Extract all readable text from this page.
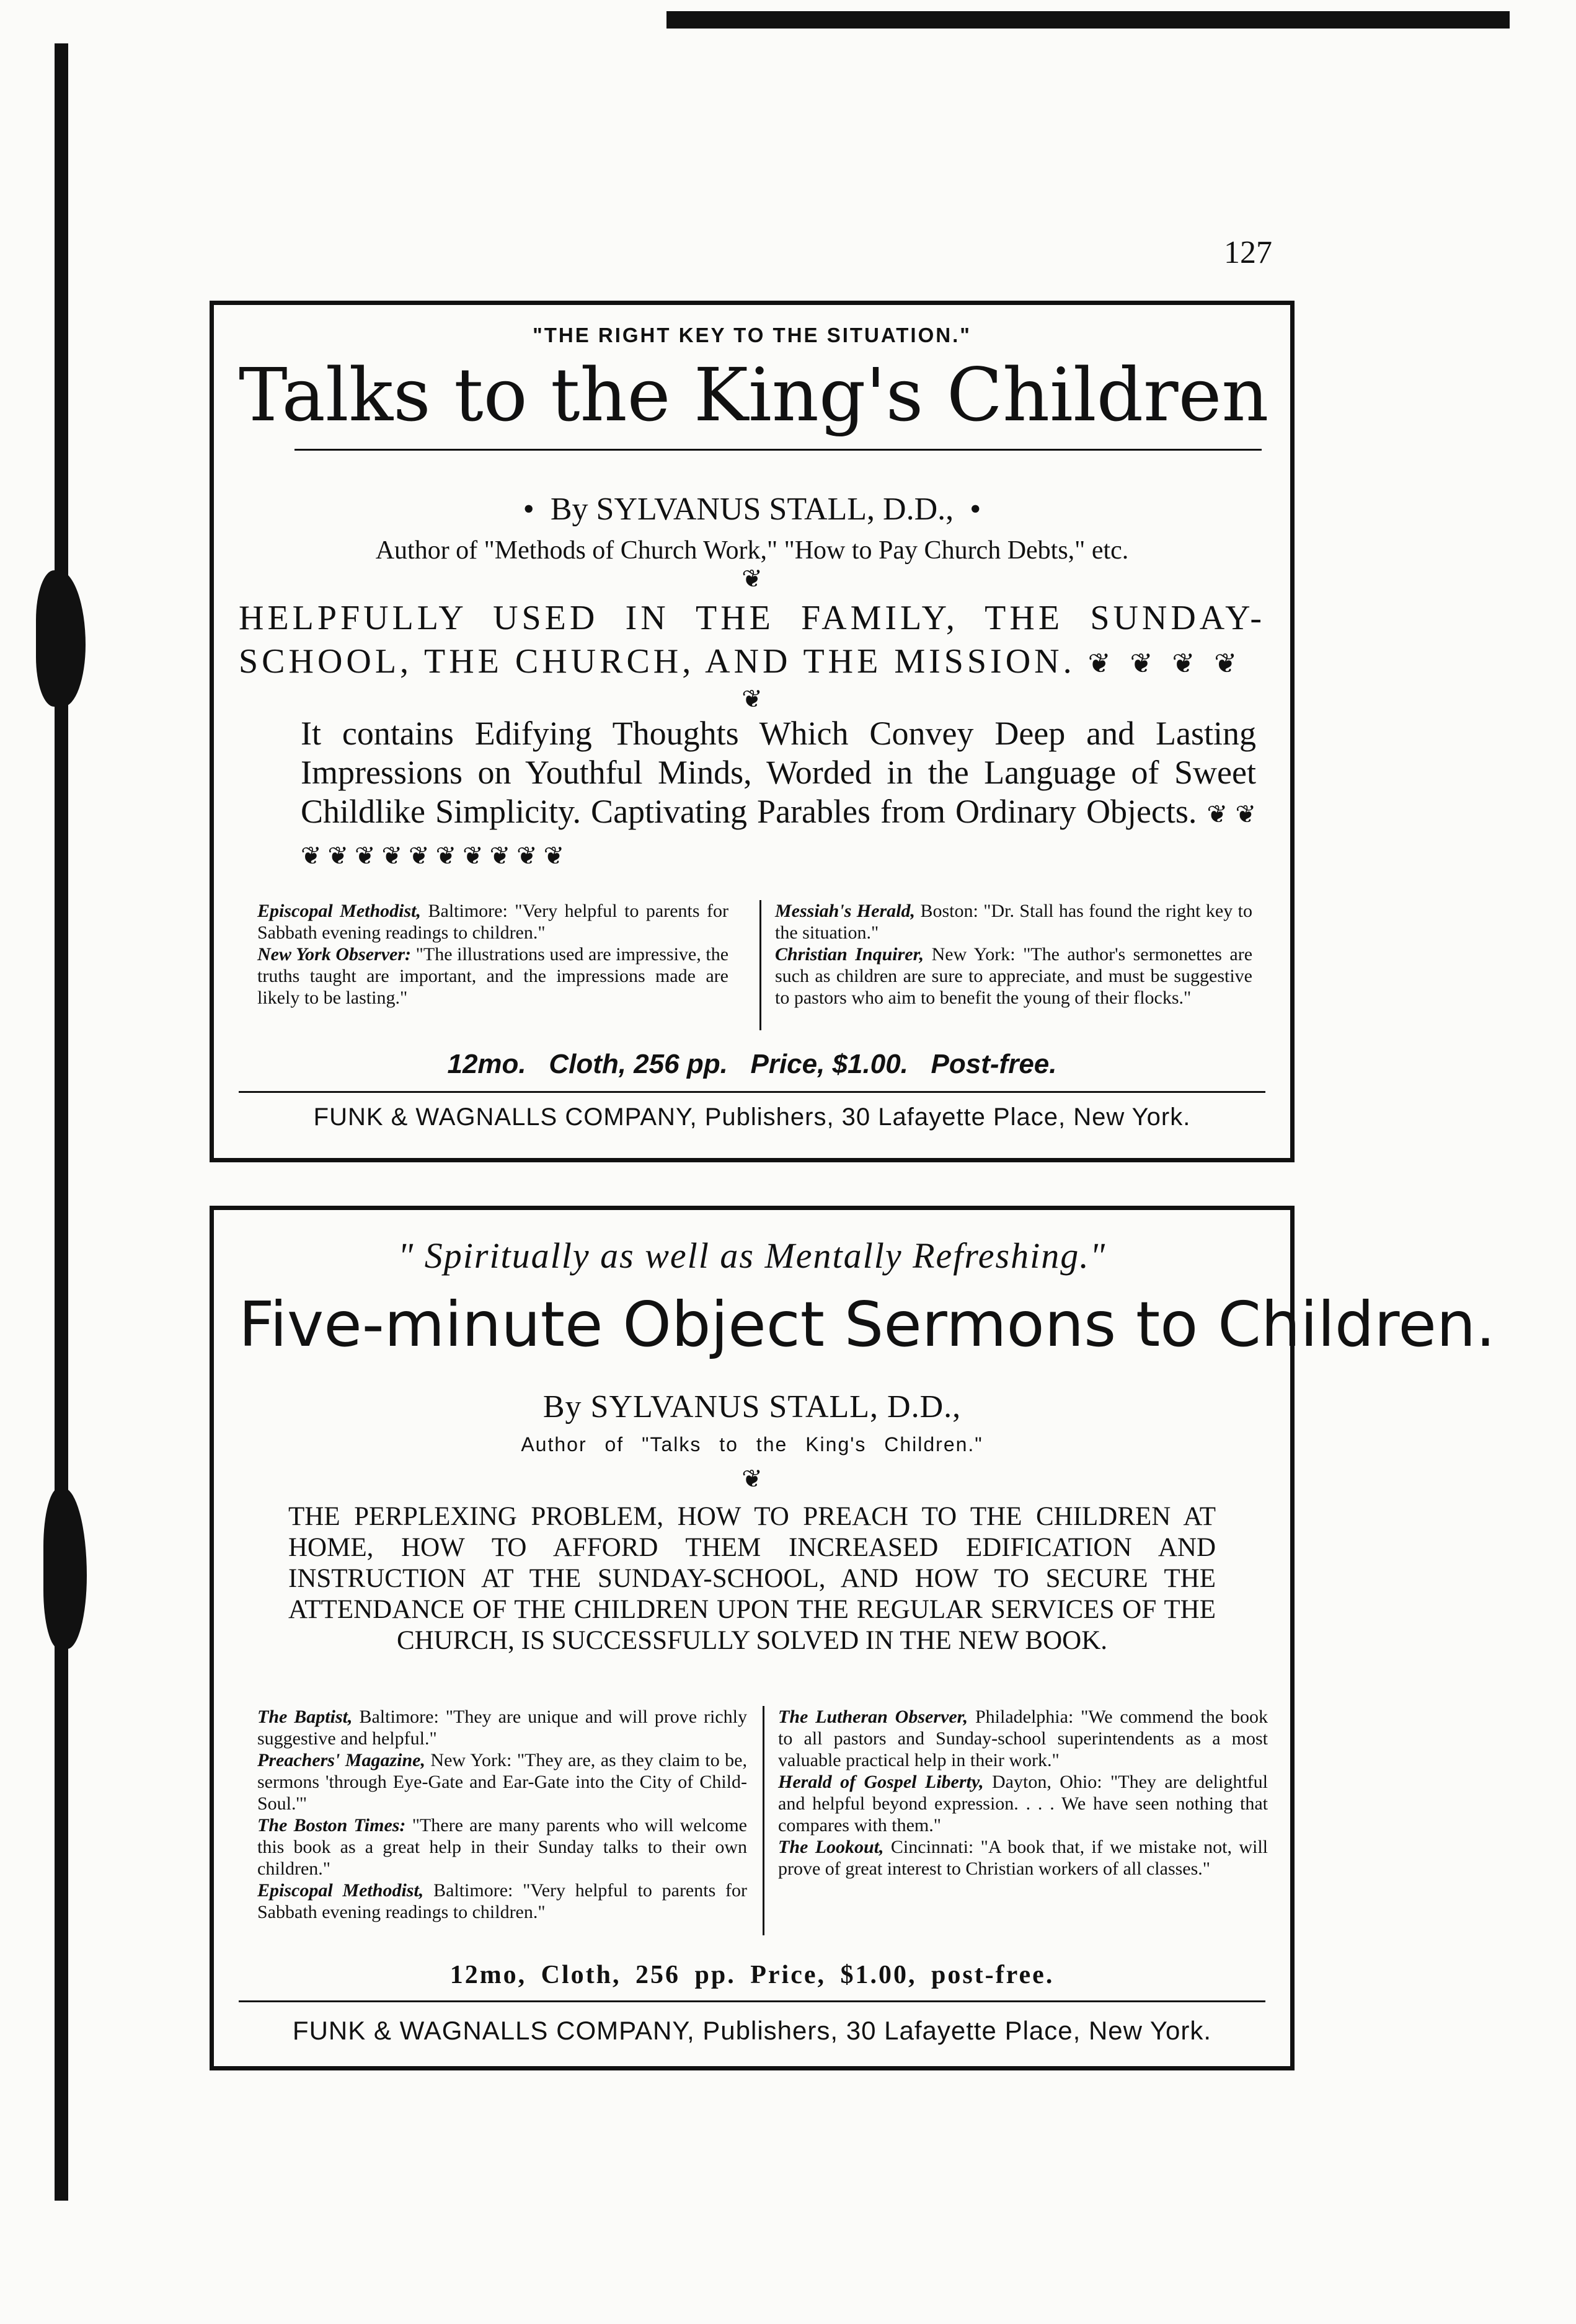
127
"THE RIGHT KEY TO THE SITUATION."
Talks to the King's Children
•  By SYLVANUS STALL, D.D.,  •
Author of "Methods of Church Work," "How to Pay Church Debts," etc.
❦
HELPFULLY USED IN THE FAMILY, THE SUNDAY-SCHOOL, THE CHURCH, AND THE MISSION. ❦ ❦ ❦ ❦
❦
It contains Edifying Thoughts Which Convey Deep and Lasting Impressions on Youthful Minds, Worded in the Language of Sweet Childlike Simplicity. Captivating Parables from Ordinary Objects. ❦ ❦ ❦ ❦ ❦ ❦ ❦ ❦ ❦ ❦ ❦ ❦

Episcopal Methodist, Baltimore: "Very helpful to parents for Sabbath evening readings to children."

New York Observer: "The illustrations used are impressive, the truths taught are important, and the impressions made are likely to be lasting."

Messiah's Herald, Boston: "Dr. Stall has found the right key to the situation."

Christian Inquirer, New York: "The author's sermonettes are such as children are sure to appreciate, and must be suggestive to pastors who aim to benefit the young of their flocks."

12mo.   Cloth, 256 pp.   Price, $1.00.   Post-free.
FUNK & WAGNALLS COMPANY, Publishers, 30 Lafayette Place, New York.
" Spiritually as well as Mentally Refreshing."
Five-minute Object Sermons to Children.
By SYLVANUS STALL, D.D.,
Author of "Talks to the King's Children."
❦
THE PERPLEXING PROBLEM, HOW TO PREACH TO THE CHILDREN AT HOME, HOW TO AFFORD THEM INCREASED EDIFICATION AND INSTRUCTION AT THE SUNDAY-SCHOOL, AND HOW TO SECURE THE ATTENDANCE OF THE CHILDREN UPON THE REGULAR SERVICES OF THE CHURCH, IS SUCCESSFULLY SOLVED IN THE NEW BOOK.

The Baptist, Baltimore: "They are unique and will prove richly suggestive and helpful."

Preachers' Magazine, New York: "They are, as they claim to be, sermons 'through Eye-Gate and Ear-Gate into the City of Child-Soul.'"

The Boston Times: "There are many parents who will welcome this book as a great help in their Sunday talks to their own children."

Episcopal Methodist, Baltimore: "Very helpful to parents for Sabbath evening readings to children."

The Lutheran Observer, Philadelphia: "We commend the book to all pastors and Sunday-school superintendents as a most valuable practical help in their work."

Herald of Gospel Liberty, Dayton, Ohio: "They are delightful and helpful beyond expression. . . . We have seen nothing that compares with them."

The Lookout, Cincinnati: "A book that, if we mistake not, will prove of great interest to Christian workers of all classes."

12mo, Cloth, 256 pp. Price, $1.00, post-free.
FUNK & WAGNALLS COMPANY, Publishers, 30 Lafayette Place, New York.
